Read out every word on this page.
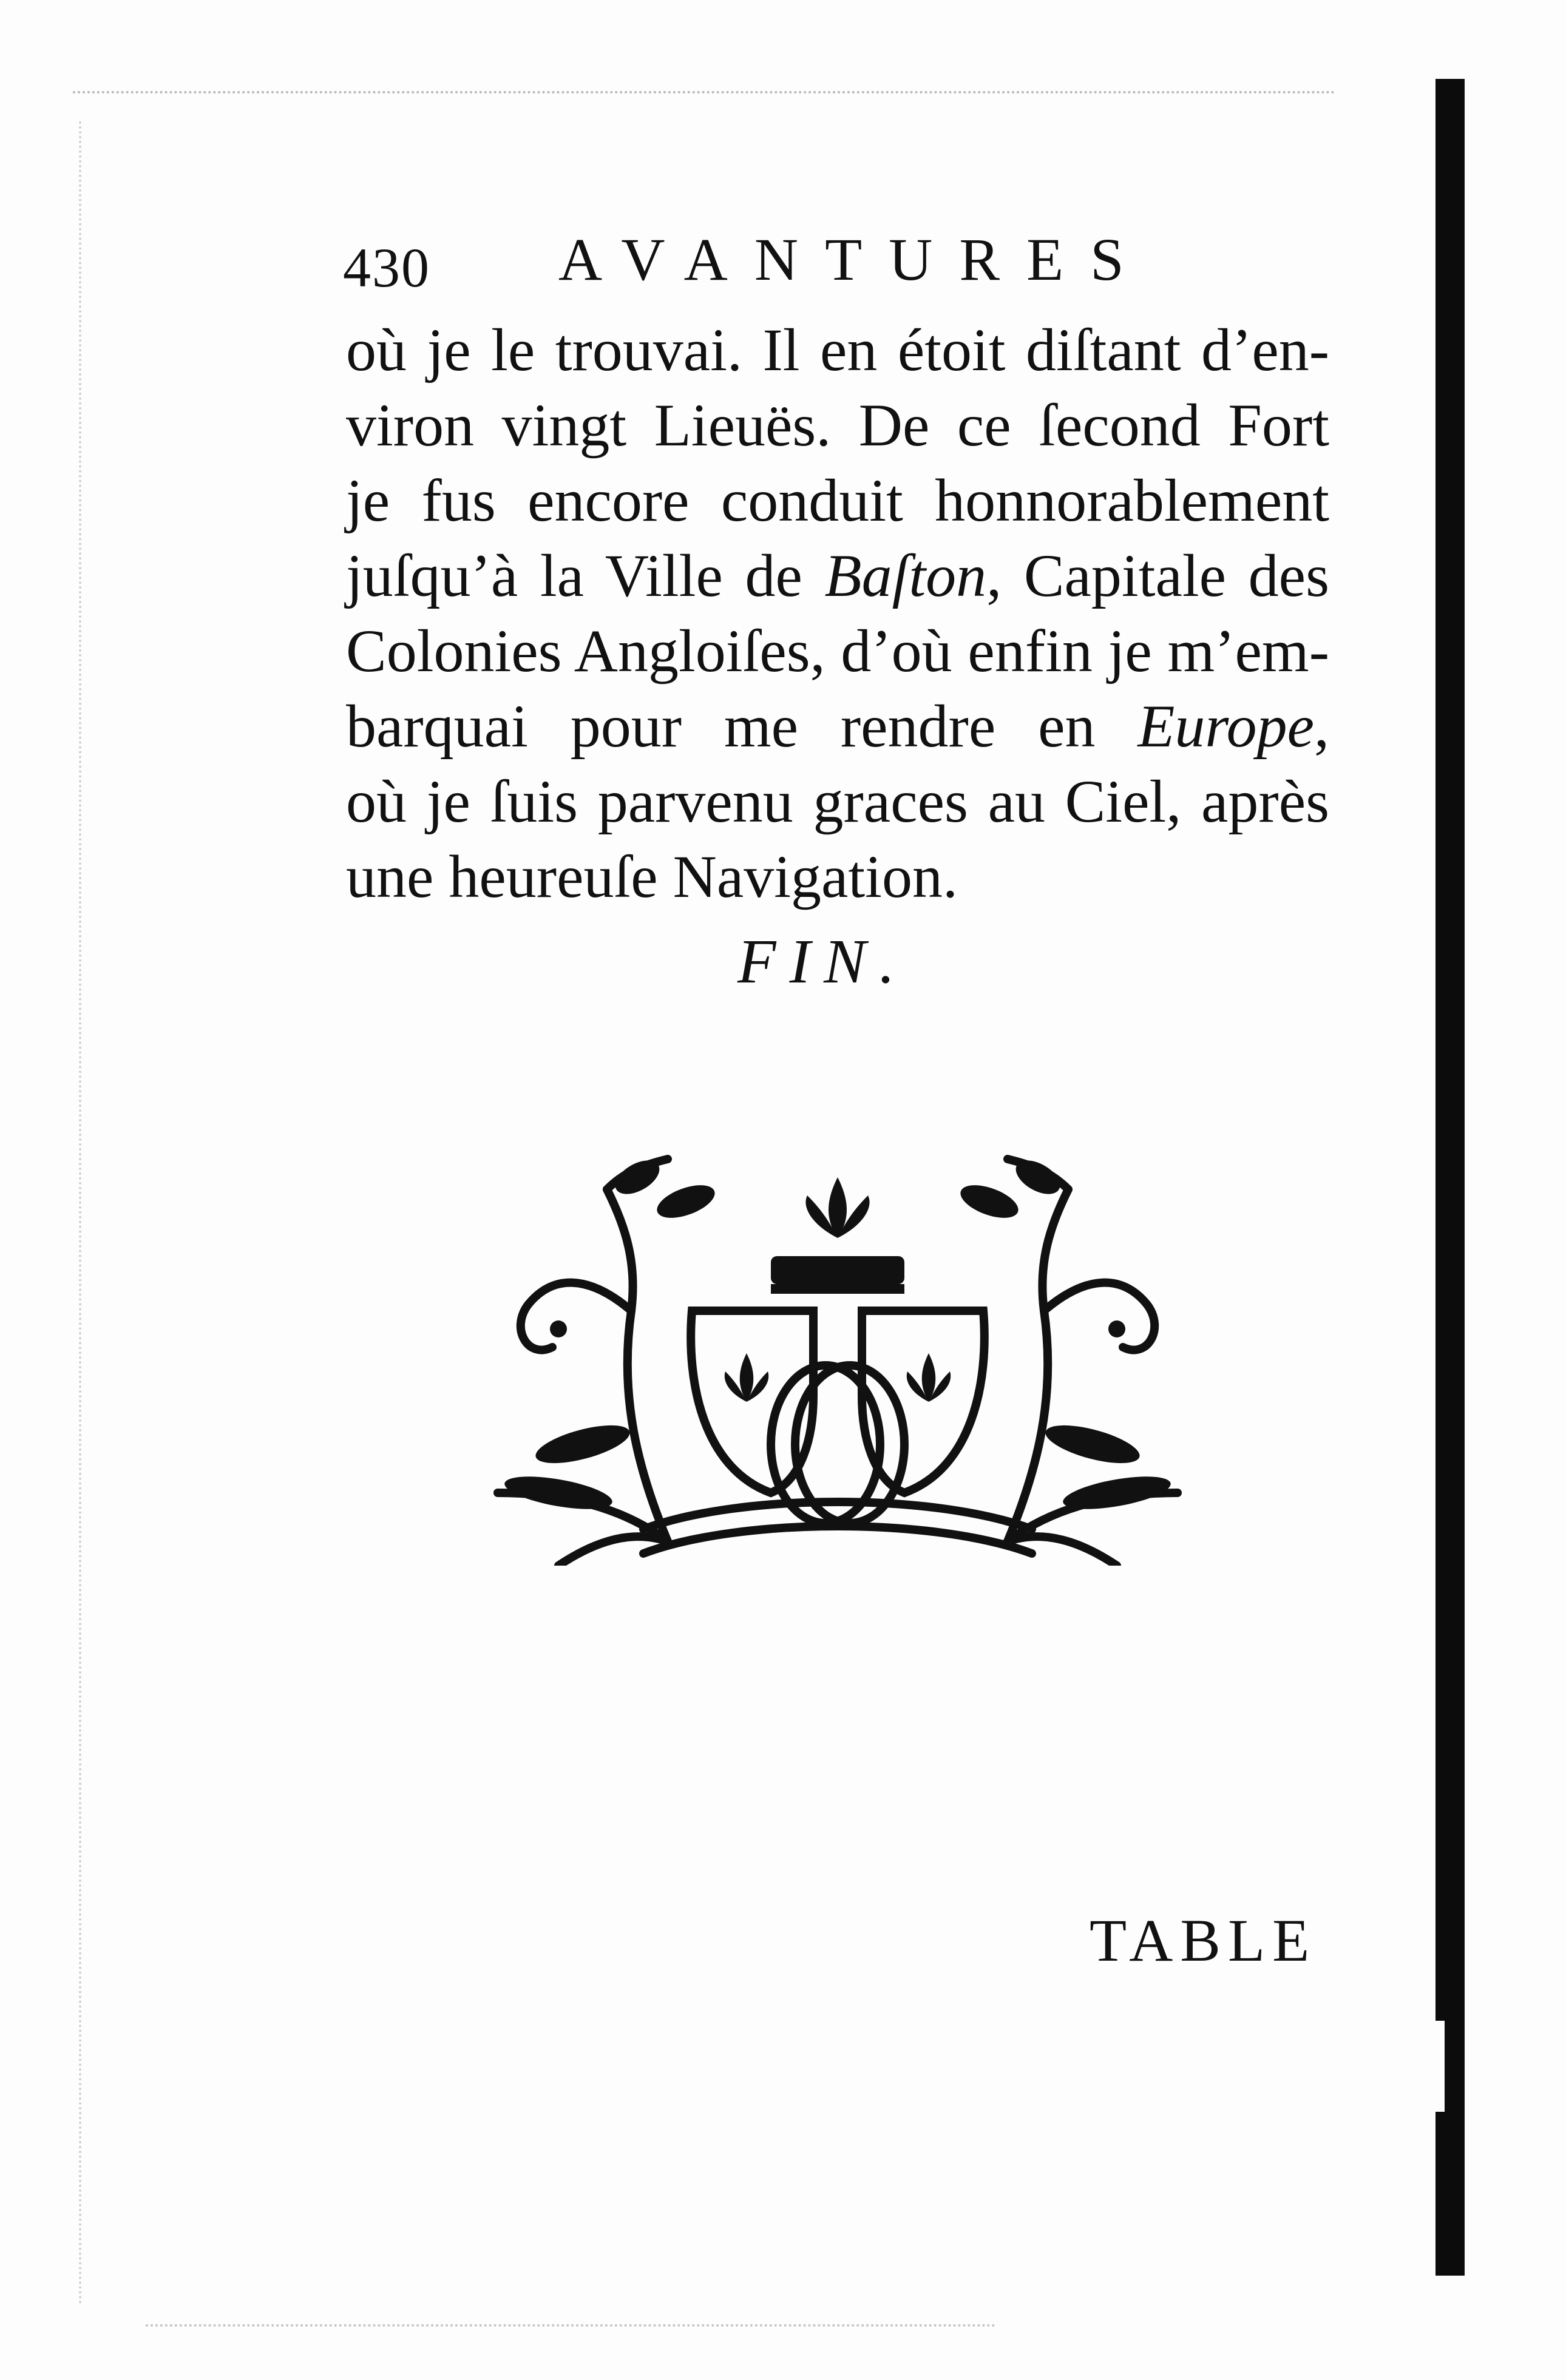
430 AVANTURES
où je le trouvai. Il en étoit diſtant d’en-
viron vingt Lieuës. De ce ſecond Fort
je fus encore conduit honnorablement
juſqu’à la Ville de Baſton, Capitale des
Colonies Angloiſes, d’où enfin je m’em-
barquai pour me rendre en Europe,
où je ſuis parvenu graces au Ciel, après
une heureuſe Navigation.
FIN.
TABLE
